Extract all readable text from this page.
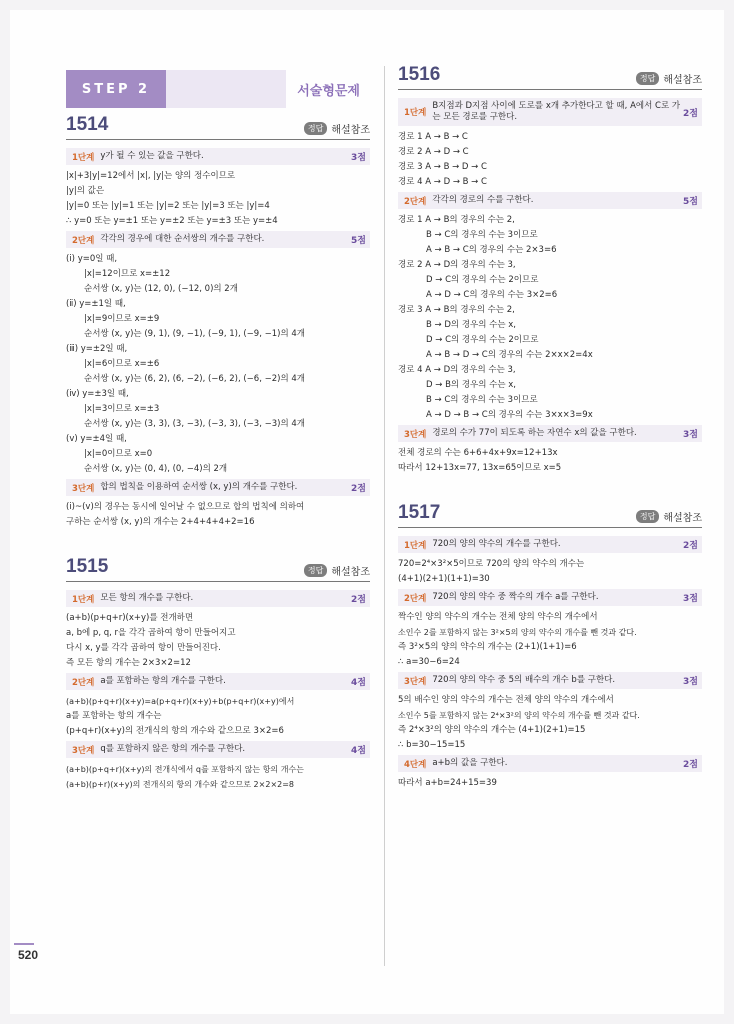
STEP 2	서술형문제
1514	정답 해설참조
1단계 y가 될 수 있는 값을 구한다.	3점
|x|+3|y|=12에서 |x|, |y|는 양의 정수이므로
|y|의 값은
|y|=0 또는 |y|=1 또는 |y|=2 또는 |y|=3 또는 |y|=4
∴ y=0 또는 y=±1 또는 y=±2 또는 y=±3 또는 y=±4
2단계 각각의 경우에 대한 순서쌍의 개수를 구한다.	5점
(ⅰ) y=0일 때,
|x|=12이므로 x=±12
순서쌍 (x, y)는 (12, 0), (−12, 0)의 2개
(ⅱ) y=±1일 때,
|x|=9이므로 x=±9
순서쌍 (x, y)는 (9, 1), (9, −1), (−9, 1), (−9, −1)의 4개
(ⅲ) y=±2일 때,
|x|=6이므로 x=±6
순서쌍 (x, y)는 (6, 2), (6, −2), (−6, 2), (−6, −2)의 4개
(ⅳ) y=±3일 때,
|x|=3이므로 x=±3
순서쌍 (x, y)는 (3, 3), (3, −3), (−3, 3), (−3, −3)의 4개
(ⅴ) y=±4일 때,
|x|=0이므로 x=0
순서쌍 (x, y)는 (0, 4), (0, −4)의 2개
3단계 합의 법칙을 이용하여 순서쌍 (x, y)의 개수를 구한다.	2점
(ⅰ)~(ⅴ)의 경우는 동시에 일어날 수 없으므로 합의 법칙에 의하여
구하는 순서쌍 (x, y)의 개수는 2+4+4+4+2=16
1515	정답 해설참조
1단계 모든 항의 개수를 구한다.	2점
(a+b)(p+q+r)(x+y)를 전개하면
a, b에 p, q, r을 각각 곱하여 항이 만들어지고
다시 x, y를 각각 곱하여 항이 만들어진다.
즉 모든 항의 개수는 2×3×2=12
2단계 a를 포함하는 항의 개수를 구한다.	4점
(a+b)(p+q+r)(x+y)=a(p+q+r)(x+y)+b(p+q+r)(x+y)에서
a를 포함하는 항의 개수는
(p+q+r)(x+y)의 전개식의 항의 개수와 같으므로 3×2=6
3단계 q를 포함하지 않은 항의 개수를 구한다.	4점
(a+b)(p+q+r)(x+y)의 전개식에서 q를 포함하지 않는 항의 개수는
(a+b)(p+r)(x+y)의 전개식의 항의 개수와 같으므로 2×2×2=8
1516	정답 해설참조
1단계
B지점과 D지점 사이에 도로를 x개 추가한다고 할 때, A에서 C로 가는 모든 경로를 구한다.	2점
경로 1 A → B → C
경로 2 A → D → C
경로 3 A → B → D → C
경로 4 A → D → B → C
2단계 각각의 경로의 수를 구한다.	5점
경로 1 A → B의 경우의 수는 2,
B → C의 경우의 수는 3이므로
A → B → C의 경우의 수는 2×3=6
경로 2 A → D의 경우의 수는 3,
D → C의 경우의 수는 2이므로
A → D → C의 경우의 수는 3×2=6
경로 3 A → B의 경우의 수는 2,
B → D의 경우의 수는 x,
D → C의 경우의 수는 2이므로
A → B → D → C의 경우의 수는 2×x×2=4x
경로 4 A → D의 경우의 수는 3,
D → B의 경우의 수는 x,
B → C의 경우의 수는 3이므로
A → D → B → C의 경우의 수는 3×x×3=9x
3단계 경로의 수가 77이 되도록 하는 자연수 x의 값을 구한다.	3점
전체 경로의 수는 6+6+4x+9x=12+13x
따라서 12+13x=77, 13x=65이므로 x=5
1517	정답 해설참조
1단계 720의 양의 약수의 개수를 구한다.	2점
720=2⁴×3²×5이므로 720의 양의 약수의 개수는
(4+1)(2+1)(1+1)=30
2단계 720의 양의 약수 중 짝수의 개수 a를 구한다.	3점
짝수인 양의 약수의 개수는 전체 양의 약수의 개수에서
소인수 2를 포함하지 않는 3²×5의 양의 약수의 개수를 뺀 것과 같다.
즉 3²×5의 양의 약수의 개수는 (2+1)(1+1)=6
∴ a=30−6=24
3단계 720의 양의 약수 중 5의 배수의 개수 b를 구한다.	3점
5의 배수인 양의 약수의 개수는 전체 양의 약수의 개수에서
소인수 5를 포함하지 않는 2⁴×3²의 양의 약수의 개수를 뺀 것과 같다.
즉 2⁴×3²의 양의 약수의 개수는 (4+1)(2+1)=15
∴ b=30−15=15
4단계 a+b의 값을 구한다.	2점
따라서 a+b=24+15=39
520
